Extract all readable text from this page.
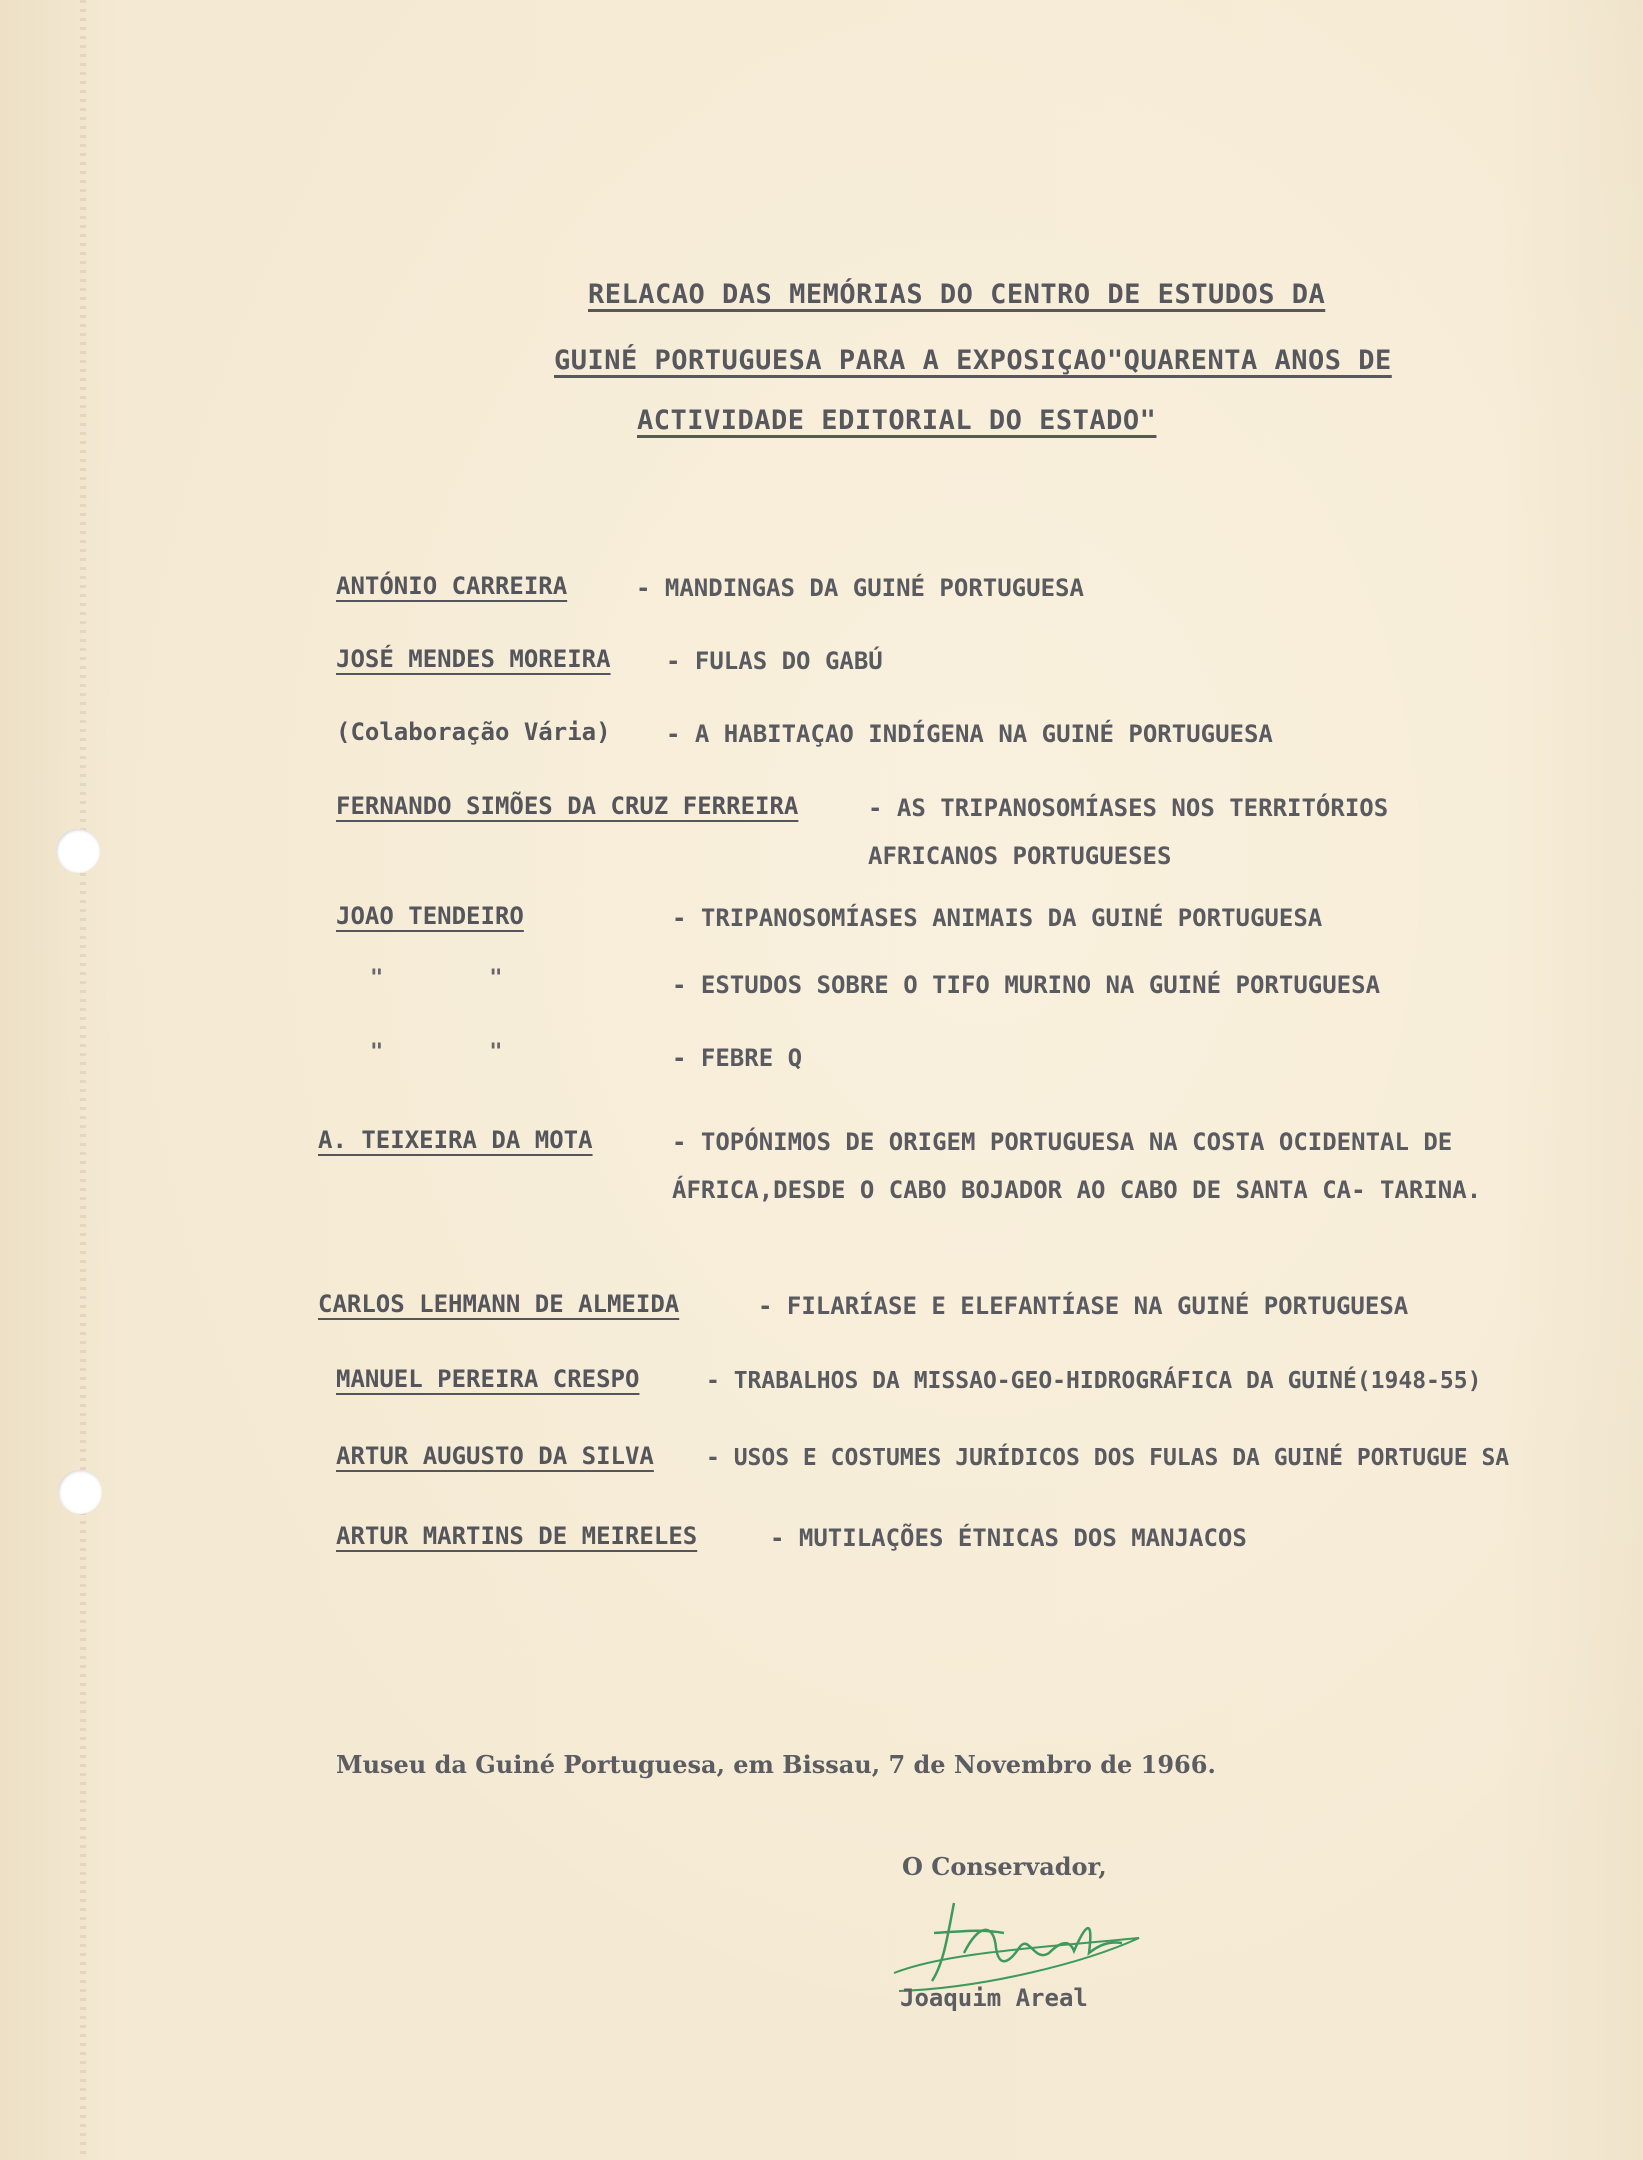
RELACAO DAS MEMÓRIAS DO CENTRO DE ESTUDOS DA
GUINÉ PORTUGUESA PARA A EXPOSIÇAO"QUARENTA ANOS DE
ACTIVIDADE EDITORIAL DO ESTADO"
ANTÓNIO CARREIRA	- MANDINGAS DA GUINÉ PORTUGUESA
JOSÉ MENDES MOREIRA - FULAS DO GABÚ
(Colaboração Vária) - A HABITAÇAO INDÍGENA NA GUINÉ PORTUGUESA
FERNANDO SIMÕES DA CRUZ FERREIRA	- AS TRIPANOSOMÍASES NOS TERRITÓRIOS AFRICANOS PORTUGUESES
JOAO TENDEIRO	- TRIPANOSOMÍASES ANIMAIS DA GUINÉ PORTUGUESA
"        "	- ESTUDOS SOBRE O TIFO MURINO NA GUINÉ PORTUGUESA
"        "	- FEBRE Q
A. TEIXEIRA DA MOTA	- TOPÓNIMOS DE ORIGEM PORTUGUESA NA COSTA OCIDENTAL DE ÁFRICA,DESDE O CABO BOJADOR AO CABO DE SANTA CA- TARINA.
CARLOS LEHMANN DE ALMEIDA	- FILARÍASE E ELEFANTÍASE NA GUINÉ PORTUGUESA
MANUEL PEREIRA CRESPO	- TRABALHOS DA MISSAO-GEO-HIDROGRÁFICA DA GUINÉ(1948-55)
ARTUR AUGUSTO DA SILVA - USOS E COSTUMES JURÍDICOS DOS FULAS DA GUINÉ PORTUGUE SA
ARTUR MARTINS DE MEIRELES	- MUTILAÇÕES ÉTNICAS DOS MANJACOS
Museu da Guiné Portuguesa, em Bissau, 7 de Novembro de 1966.
O Conservador,
Joaquim Areal
